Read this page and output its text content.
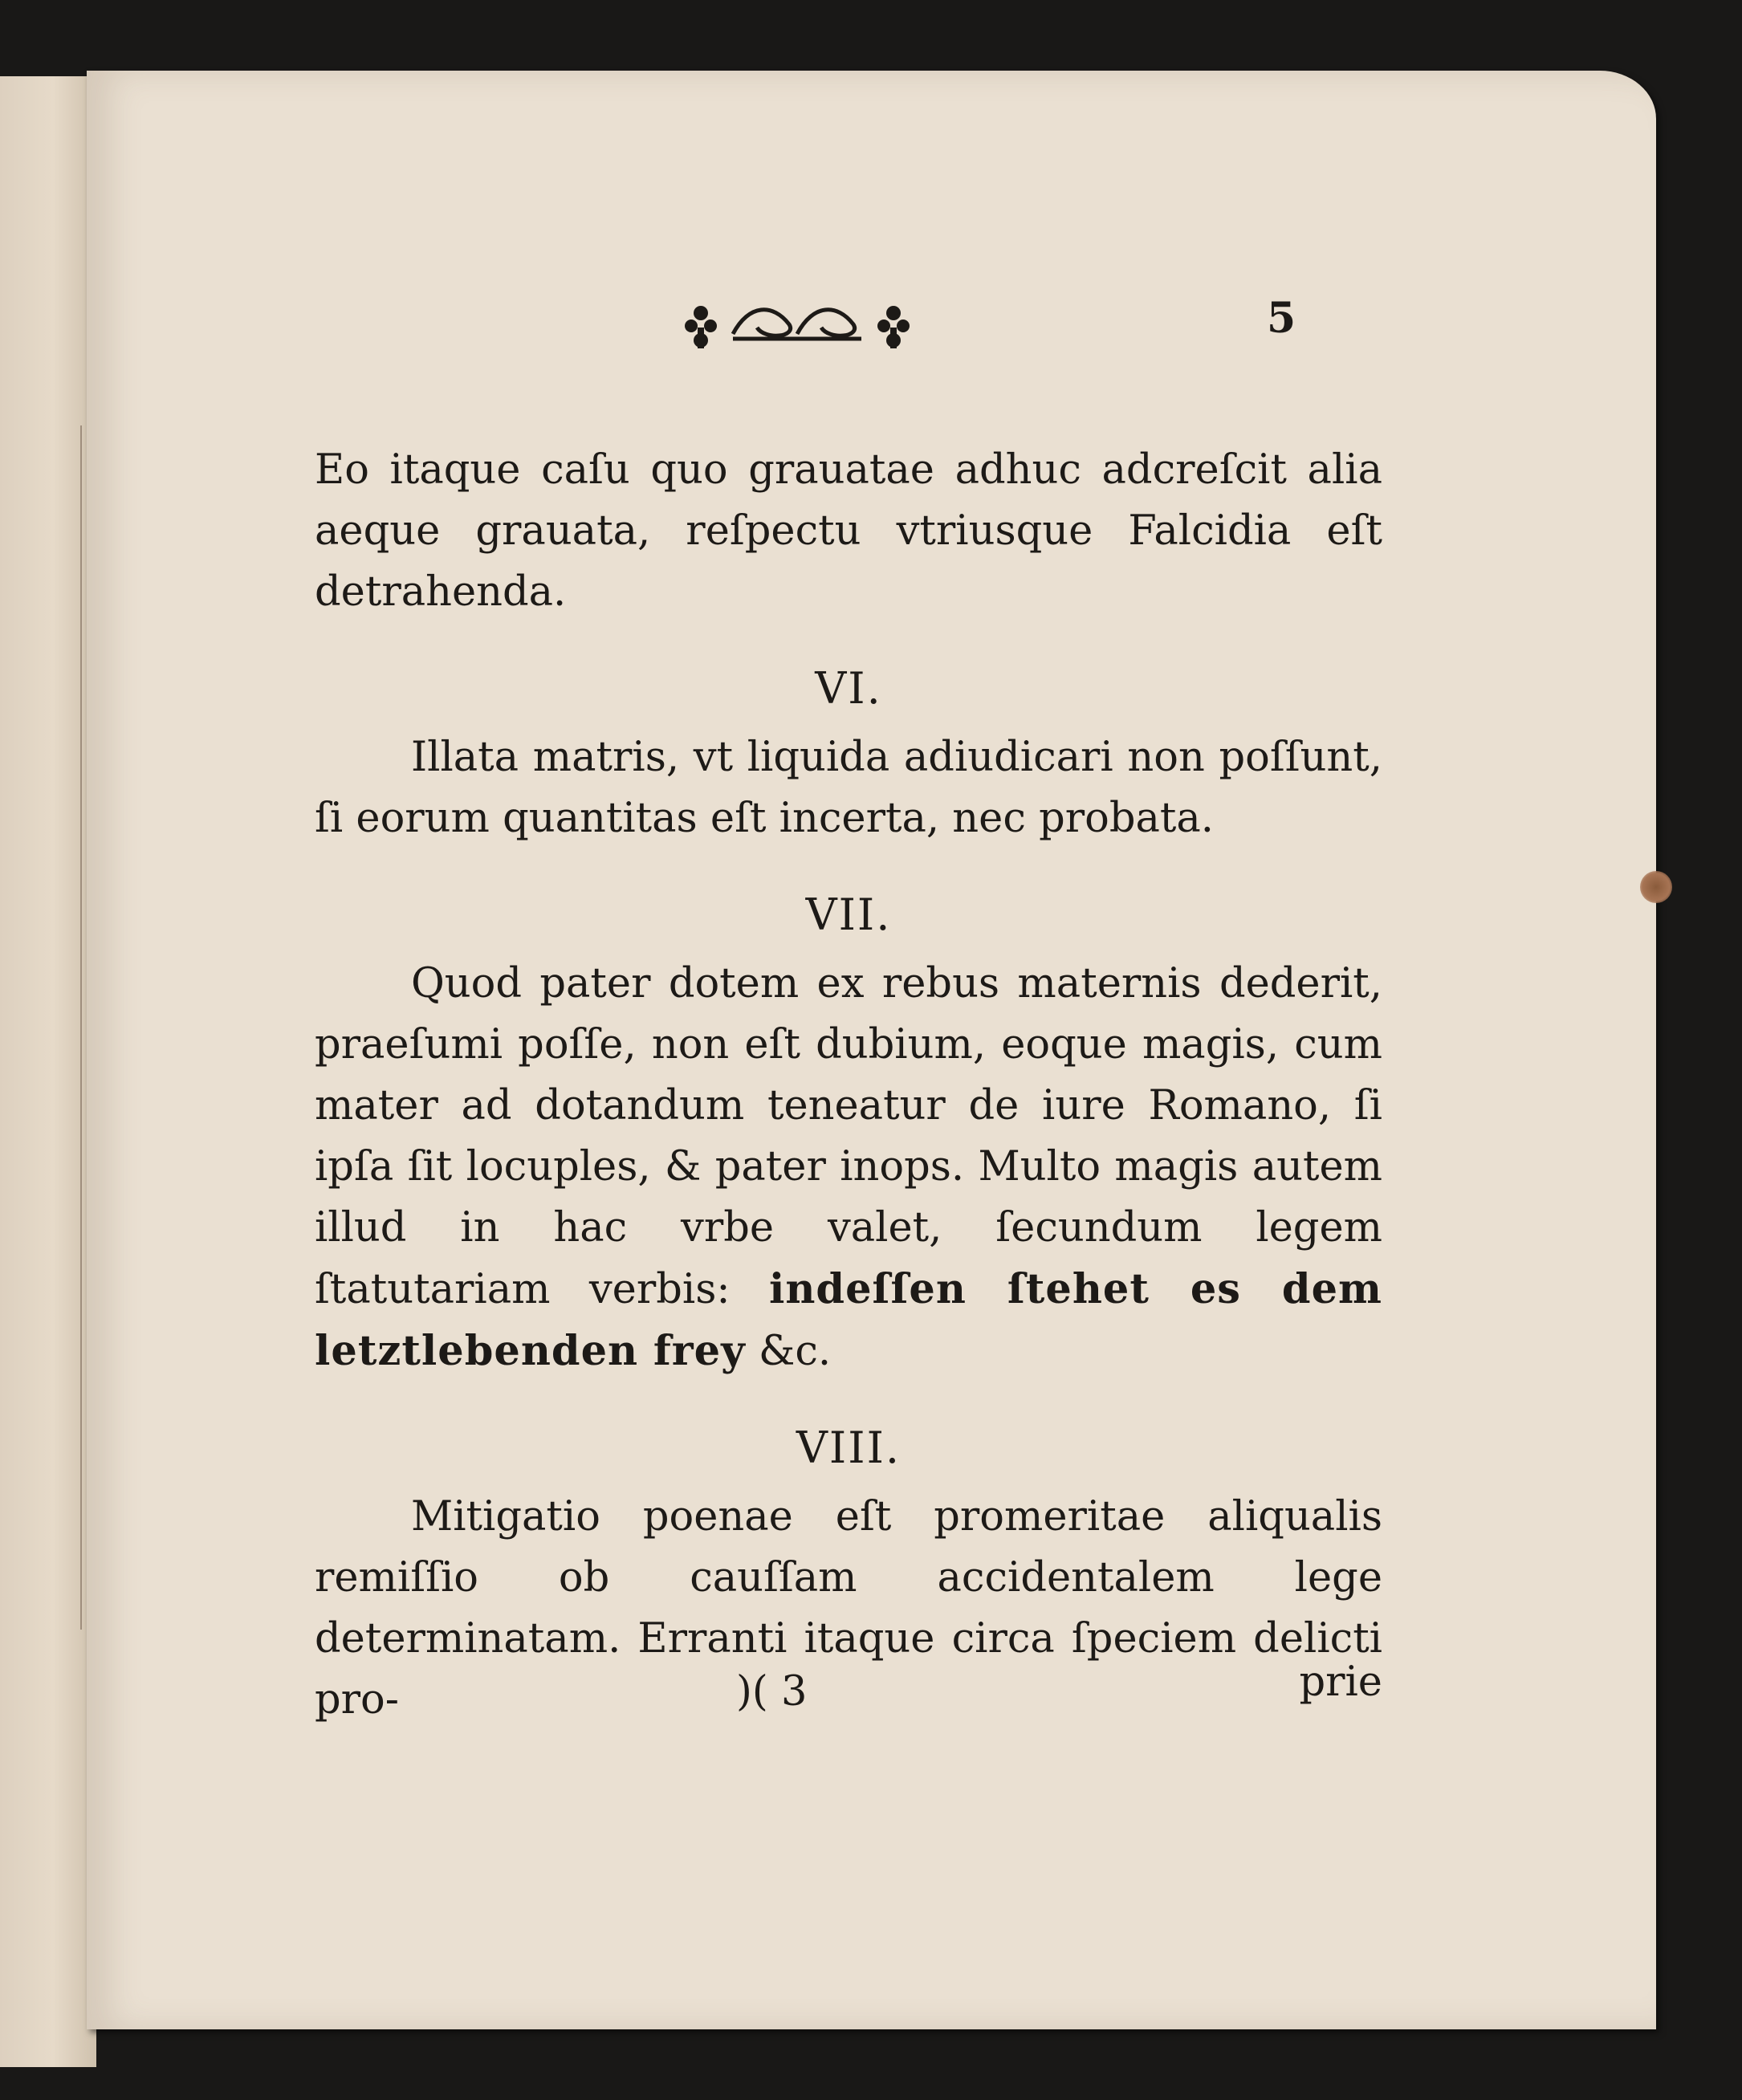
5

Eo itaque caſu quo grauatae adhuc adcreſcit alia aeque grauata, reſpectu vtriusque Falcidia eſt detrahenda.

VI.

Illata matris, vt liquida adiudicari non poſſunt, ſi eorum quantitas eſt incerta, nec probata.

VII.

Quod pater dotem ex rebus maternis dederit, praeſumi poſſe, non eſt dubium, eoque magis, cum mater ad dotandum teneatur de iure Romano, ſi ipſa ſit locuples, & pater inops. Multo magis autem illud in hac vrbe valet, ſecundum legem ſtatutariam verbis: indeſſen ſtehet es dem letztlebenden frey &c.

VIII.

Mitigatio poenae eſt promeritae aliqualis remiſſio ob cauſſam accidentalem lege determinatam. Erranti itaque circa ſpeciem delicti pro-	)( 3	prie
